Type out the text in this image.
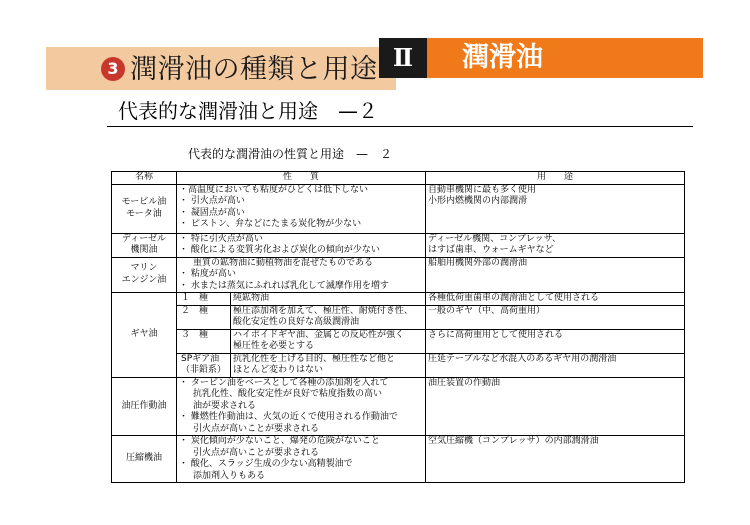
3 潤滑油の種類と用途 Ⅱ	潤滑油
代表的な潤滑油と用途　—２
代表的な潤滑油の性質と用途　—　２
名称	性　　質		用　　途

モービル油
モータ油	・高温度においても粘度がひどくは低下しない
・ 引火点が高い
・ 凝固点が高い
・ ピストン、弁などにたまる炭化物が少ない		自動車機関に最も多く使用
小形内燃機関の内部潤滑

ディーゼル
機関油	・ 特に引火点が高い
・ 酸化による変質劣化および炭化の傾向が少ない		ディーゼル機関、コンプレッサ、
はすば歯車、ウォームギヤなど

マリン
エンジン油	重質の鉱物油に動植物油を混ぜたものである
・ 粘度が高い
・ 水または蒸気にふれれば乳化して滅摩作用を増す		船舶用機関外部の潤滑油

ギヤ油	１　種	純鉱物油	各種低荷重歯車の潤滑油として使用される

	２　種	極圧添加剤を加えて、極圧性、耐焼付き性、
酸化安定性の良好な高級潤滑油	一般のギヤ（中、高荷重用）

	３　種	ハイポイドギヤ油、金属との反応性が強く
極圧性を必要とする	さらに高荷重用として使用される

	SPギア油
（非鉛系）	抗乳化性を上げる目的、極圧性など他と
ほとんど変わりはない	圧延テーブルなど水混入のあるギヤ用の潤滑油

油圧作動油	・ タービン油をベースとして各種の添加剤を入れて
抗乳化性、酸化安定性が良好で粘度指数の高い
油が要求される
・ 難燃性作動油は、火気の近くで使用される作動油で
引火点が高いことが要求される		油圧装置の作動油

圧縮機油	・ 炭化傾向が少ないこと、爆発の危険がないこと
引火点が高いことが要求される
・ 酸化、スラッジ生成の少ない高精製油で
添加剤入りもある		空気圧縮機（コンプレッサ）の内部潤滑油
